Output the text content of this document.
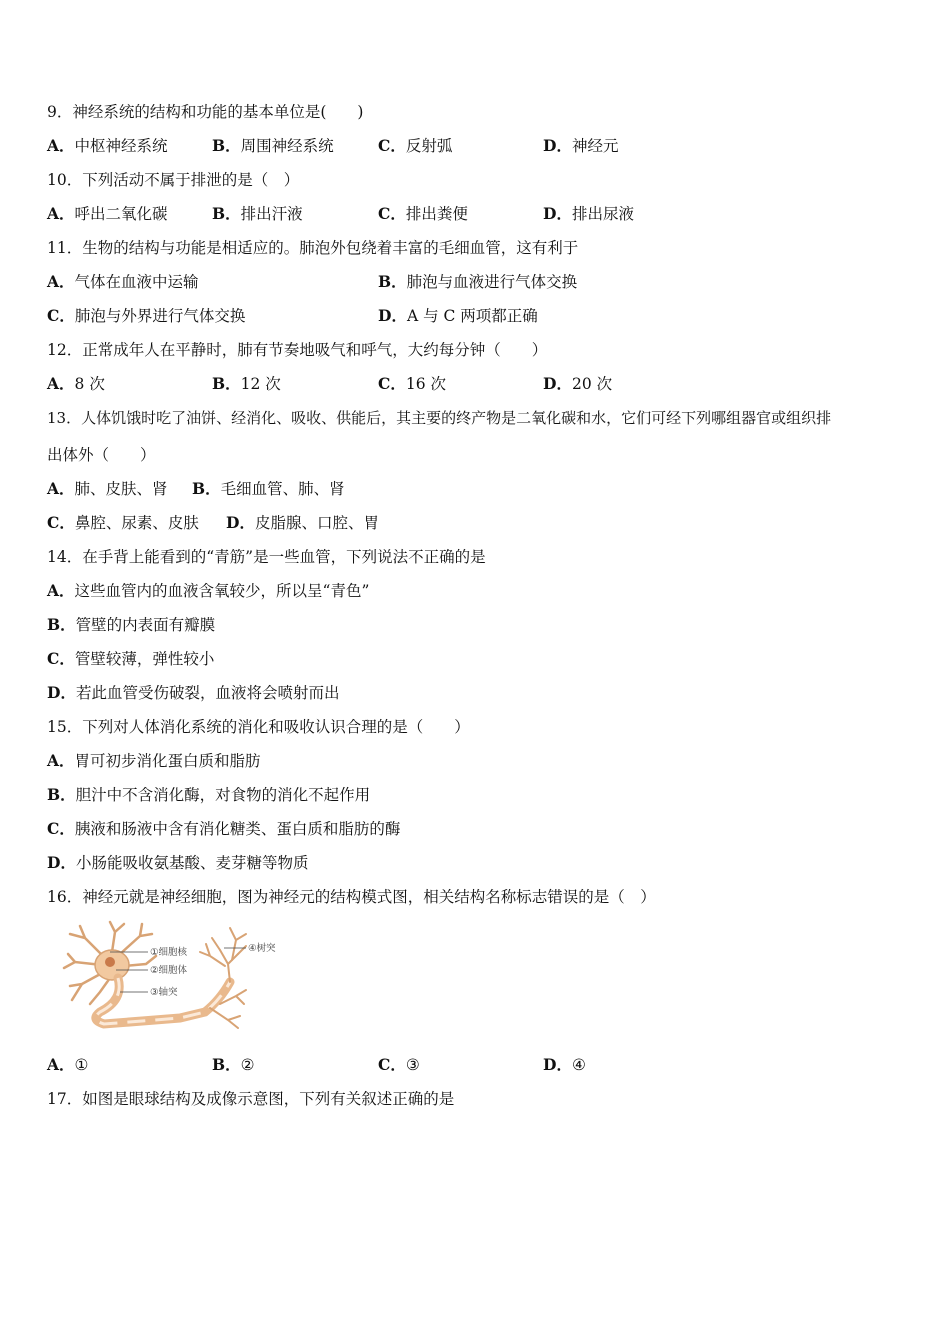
9．神经系统的结构和功能的基本单位是(　　)
A．中枢神经系统	B．周围神经系统	C．反射弧	D．神经元
10．下列活动不属于排泄的是（　）
A．呼出二氧化碳	B．排出汗液	C．排出粪便	D．排出尿液
11．生物的结构与功能是相适应的。肺泡外包绕着丰富的毛细血管，这有利于
A．气体在血液中运输	B．肺泡与血液进行气体交换
C．肺泡与外界进行气体交换	D．A 与 C 两项都正确
12．正常成年人在平静时，肺有节奏地吸气和呼气，大约每分钟（　　）
A．8 次	B．12 次	C．16 次	D．20 次
13．人体饥饿时吃了油饼、经消化、吸收、供能后，其主要的终产物是二氧化碳和水，它们可经下列哪组器官或组织排
出体外（　　）
A．肺、皮肤、肾 B．毛细血管、肺、肾
C．鼻腔、尿素、皮肤 D．皮脂腺、口腔、胃
14．在手背上能看到的“青筋”是一些血管，下列说法不正确的是
A．这些血管内的血液含氧较少，所以呈“青色”
B．管壁的内表面有瓣膜
C．管壁较薄，弹性较小
D．若此血管受伤破裂，血液将会喷射而出
15．下列对人体消化系统的消化和吸收认识合理的是（　　）
A．胃可初步消化蛋白质和脂肪
B．胆汁中不含消化酶，对食物的消化不起作用
C．胰液和肠液中含有消化糖类、蛋白质和脂肪的酶
D．小肠能吸收氨基酸、麦芽糖等物质
16．神经元就是神经细胞，图为神经元的结构模式图，相关结构名称标志错误的是（　）
①细胞核
②细胞体
③轴突
④树突
A．①	B．②	C．③	D．④
17．如图是眼球结构及成像示意图，下列有关叙述正确的是
